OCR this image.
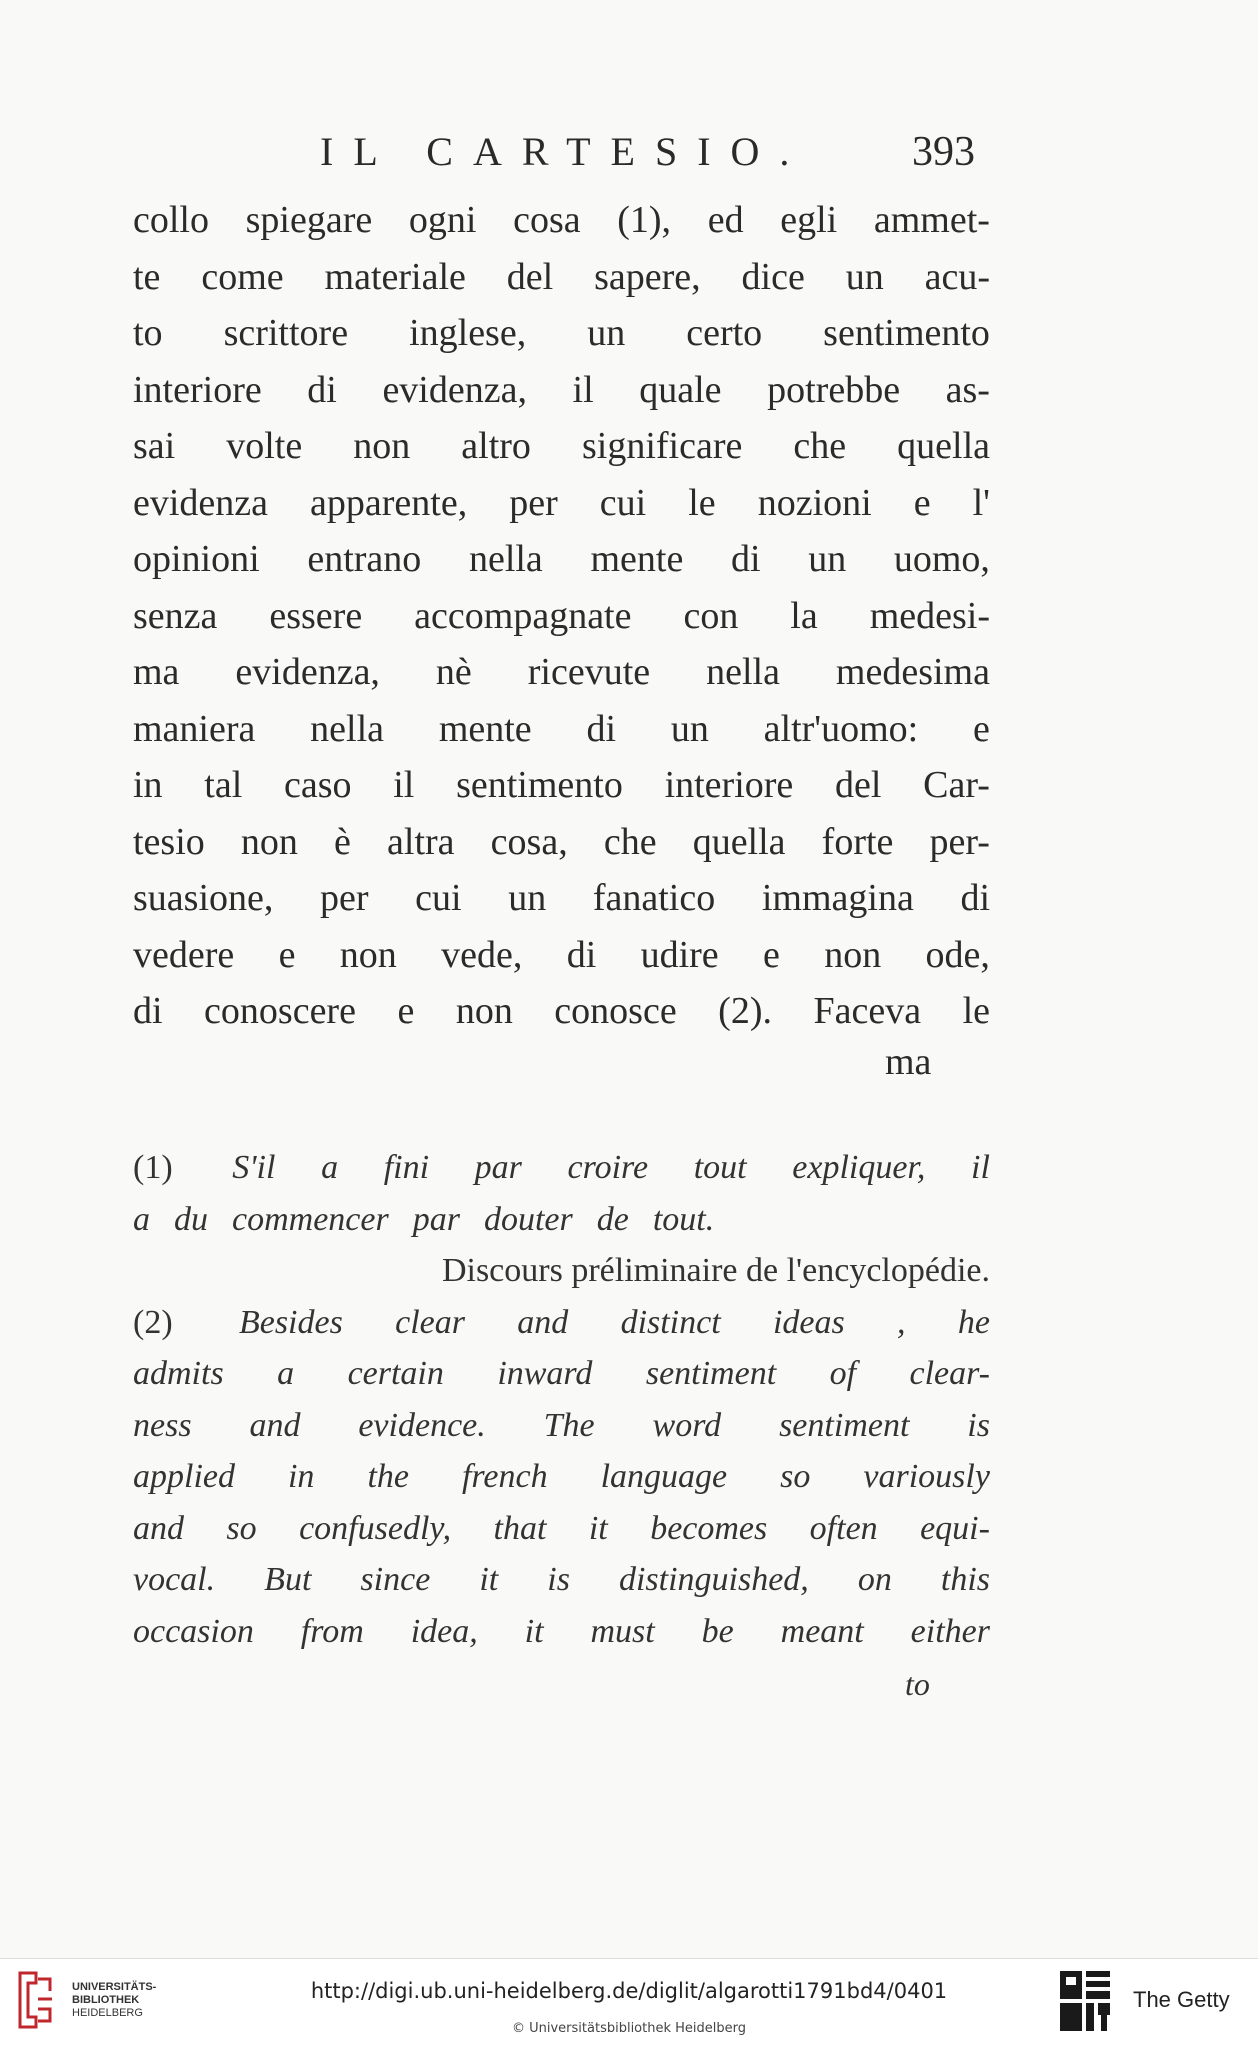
IL CARTESIO. 393
collo spiegare ogni cosa (1), ed egli ammet-
te come materiale del sapere, dice un acu-
to scrittore inglese, un certo sentimento
interiore di evidenza, il quale potrebbe as-
sai volte non altro significare che quella
evidenza apparente, per cui le nozioni e l'
opinioni entrano nella mente di un uomo,
senza essere accompagnate con la medesi-
ma evidenza, nè ricevute nella medesima
maniera nella mente di un altr'uomo: e
in tal caso il sentimento interiore del Car-
tesio non è altra cosa, che quella forte per-
suasione, per cui un fanatico immagina di
vedere e non vede, di udire e non ode,
di conoscere e non conosce (2). Faceva le
ma
(1) S'il a fini par croire tout expliquer, il
a du commencer par douter de tout.
Discours préliminaire de l'encyclopédie.
(2) Besides clear and distinct ideas , he
admits a certain inward sentiment of clear-
ness and evidence. The word sentiment is
applied in the french language so variously
and so confusedly, that it becomes often equi-
vocal. But since it is distinguished, on this
occasion from idea, it must be meant either
to
UNIVERSITÄTS-
BIBLIOTHEK
HEIDELBERG
http://digi.ub.uni-heidelberg.de/diglit/algarotti1791bd4/0401
© Universitätsbibliothek Heidelberg
The Getty
